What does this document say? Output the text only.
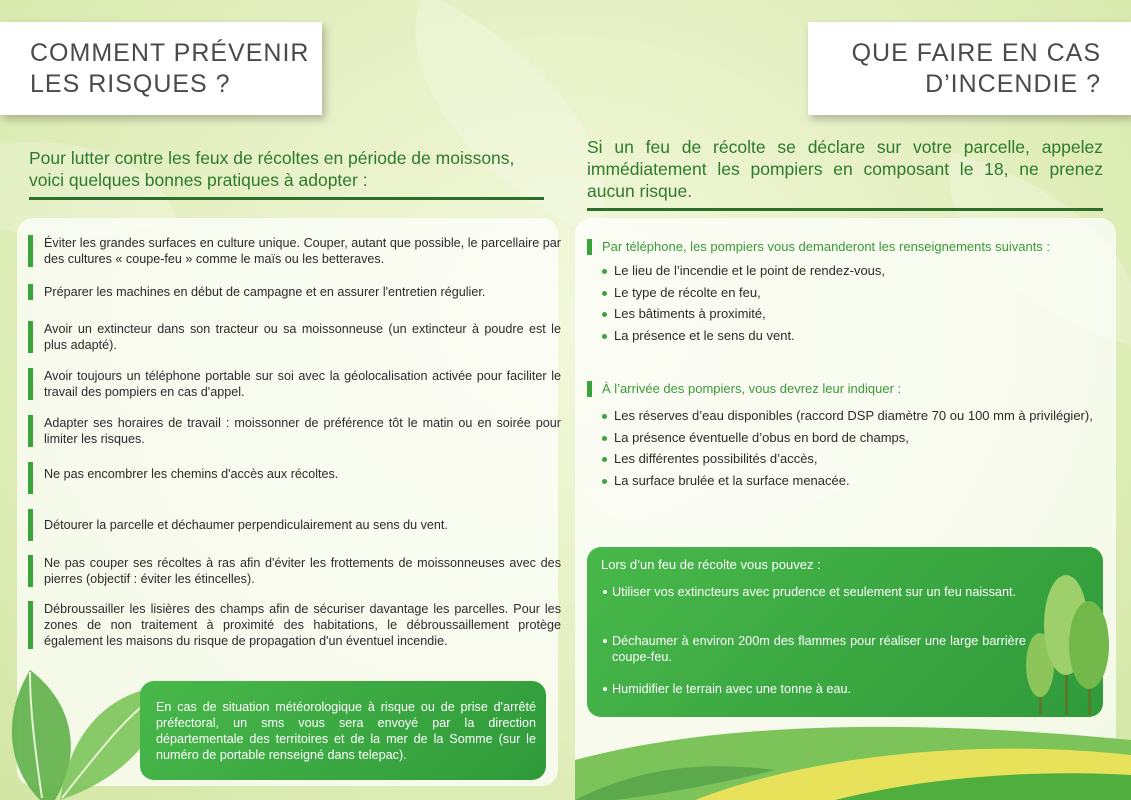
COMMENT PRÉVENIR
LES RISQUES ?
QUE FAIRE EN CAS
D’INCENDIE ?
Pour lutter contre les feux de récoltes en période de moissons, voici quelques bonnes pratiques à adopter :
Si un feu de récolte se déclare sur votre parcelle, appelez immédiatement les pompiers en composant le 18, ne prenez aucun risque.
Éviter les grandes surfaces en culture unique. Couper, autant que possible, le parcellaire par des cultures « coupe-feu » comme le maïs ou les betteraves.
Préparer les machines en début de campagne et en assurer l'entretien régulier.
Avoir un extincteur dans son tracteur ou sa moissonneuse (un extincteur à poudre est le plus adapté).
Avoir toujours un téléphone portable sur soi avec la géolocalisation activée pour faciliter le travail des pompiers en cas d'appel.
Adapter ses horaires de travail : moissonner de préférence tôt le matin ou en soirée pour limiter les risques.
Ne pas encombrer les chemins d'accès aux récoltes.
Détourer la parcelle et déchaumer perpendiculairement au sens du vent.
Ne pas couper ses récoltes à ras afin d'éviter les frottements de moissonneuses avec des pierres (objectif : éviter les étincelles).
Débroussailler les lisières des champs afin de sécuriser davantage les parcelles. Pour les zones de non traitement à proximité des habitations, le débroussaillement protège également les maisons du risque de propagation d'un éventuel incendie.
En cas de situation météorologique à risque ou de prise d'arrêté préfectoral, un sms vous sera envoyé par la direction départementale des territoires et de la mer de la Somme (sur le numéro de portable renseigné dans telepac).
Par téléphone, les pompiers vous demanderont les renseignements suivants :
Le lieu de l’incendie et le point de rendez-vous,
Le type de récolte en feu,
Les bâtiments à proximité,
La présence et le sens du vent.
À l’arrivée des pompiers, vous devrez leur indiquer :
Les réserves d’eau disponibles (raccord DSP diamètre 70 ou 100 mm à privilégier),
La présence éventuelle d’obus en bord de champs,
Les différentes possibilités d’accès,
La surface brulée et la surface menacée.
Lors d’un feu de récolte vous pouvez :
Utiliser vos extincteurs avec prudence et seulement sur un feu naissant.
Déchaumer à environ 200m des flammes pour réaliser une large barrière coupe-feu.
Humidifier le terrain avec une tonne à eau.
